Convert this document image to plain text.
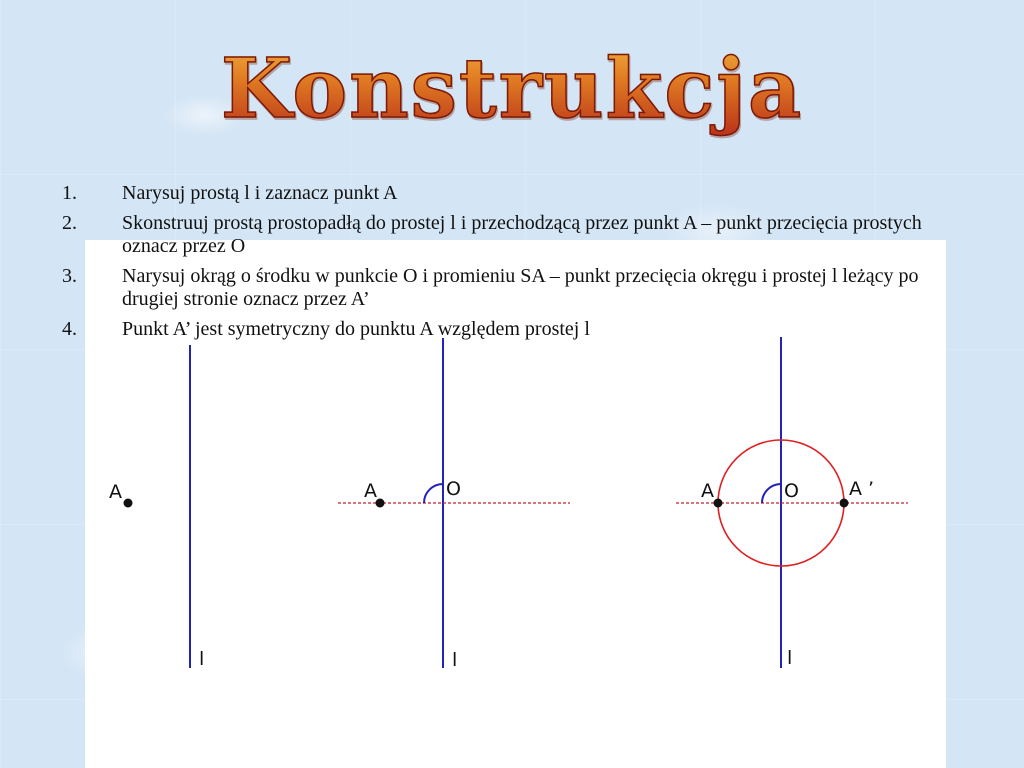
Konstrukcja
1. Narysuj prostą l i zaznacz punkt A
2. Skonstruuj prostą prostopadłą do prostej l i przechodzącą przez punkt A – punkt przecięcia prostych oznacz przez O
3. Narysuj okrąg o środku w punkcie O i promieniu SA – punkt przecięcia okręgu i prostej l leżący po drugiej stronie oznacz przez A’
4. Punkt A’ jest symetryczny do punktu A względem prostej l
A
l
A	O
l
A	O	A ’
l
